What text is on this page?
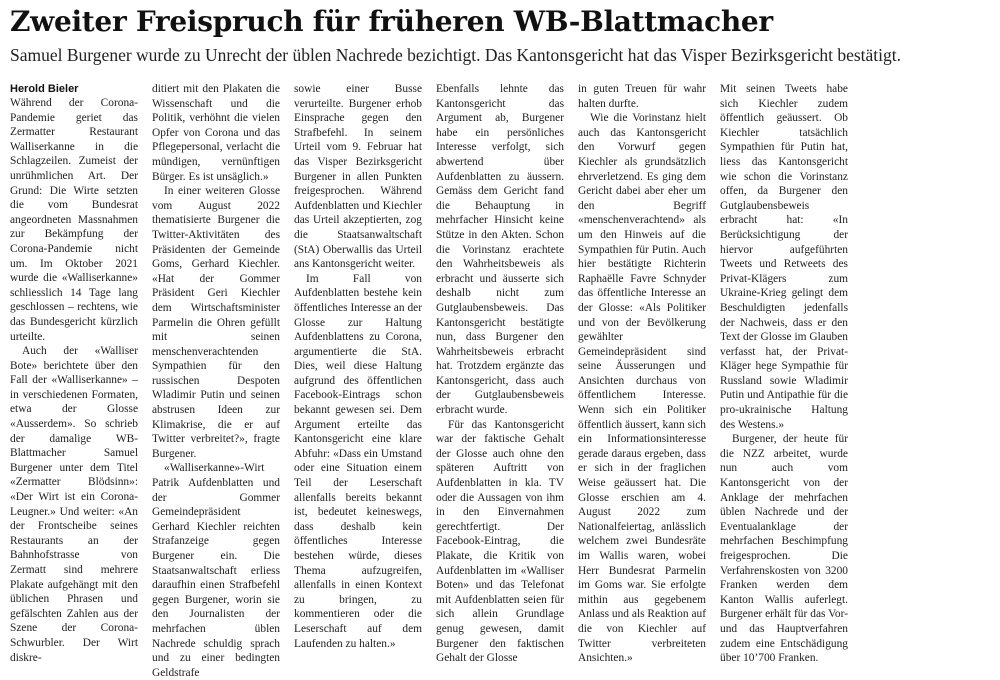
Zweiter Freispruch für früheren WB-Blattmacher

Samuel Burgener wurde zu Unrecht der üblen Nachrede bezichtigt. Das Kantonsgericht hat das Visper Bezirksgericht bestätigt.

Herold Bieler

Während der Corona-Pandemie geriet das Zermatter Restaurant Walliserkanne in die Schlagzeilen. Zumeist der unrühmlichen Art. Der Grund: Die Wirte setzten die vom Bundesrat angeordneten Massnahmen zur Bekämpfung der Corona-Pandemie nicht um. Im Oktober 2021 wurde die «Walliserkanne» schliesslich 14 Tage lang geschlossen – rechtens, wie das Bundesgericht kürzlich urteilte.

Auch der «Walliser Bote» berichtete über den Fall der «Walliserkanne» – in verschiedenen Formaten, etwa der Glosse «Ausserdem». So schrieb der damalige WB-Blattmacher Samuel Burgener unter dem Titel «Zermatter Blödsinn»: «Der Wirt ist ein Corona-Leugner.» Und weiter: «An der Frontscheibe seines Restaurants an der Bahnhofstrasse von Zermatt sind mehrere Plakate aufgehängt mit den üblichen Phrasen und gefälschten Zahlen aus der Szene der Corona-Schwurbler. Der Wirt diskre-

ditiert mit den Plakaten die Wissenschaft und die Politik, verhöhnt die vielen Opfer von Corona und das Pflegepersonal, verlacht die mündigen, vernünftigen Bürger. Es ist unsäglich.»

In einer weiteren Glosse vom August 2022 thematisierte Burgener die Twitter-Aktivitäten des Präsidenten der Gemeinde Goms, Gerhard Kiechler. «Hat der Gommer Präsident Geri Kiechler dem Wirtschaftsminister Parmelin die Ohren gefüllt mit seinen menschenverachtenden Sympathien für den russischen Despoten Wladimir Putin und seinen abstrusen Ideen zur Klimakrise, die er auf Twitter verbreitet?», fragte Burgener.

«Walliserkanne»-Wirt Patrik Aufdenblatten und der Gommer Gemeindepräsident Gerhard Kiechler reichten Strafanzeige gegen Burgener ein. Die Staatsanwaltschaft erliess daraufhin einen Strafbefehl gegen Burgener, worin sie den Journalisten der mehrfachen üblen Nachrede schuldig sprach und zu einer bedingten Geldstrafe

sowie einer Busse verurteilte. Burgener erhob Einsprache gegen den Strafbefehl. In seinem Urteil vom 9. Februar hat das Visper Bezirksgericht Burgener in allen Punkten freigesprochen. Während Aufdenblatten und Kiechler das Urteil akzeptierten, zog die Staatsanwaltschaft (StA) Oberwallis das Urteil ans Kantonsgericht weiter.

Im Fall von Aufdenblatten bestehe kein öffentliches Interesse an der Glosse zur Haltung Aufdenblattens zu Corona, argumentierte die StA. Dies, weil diese Haltung aufgrund des öffentlichen Facebook-Eintrags schon bekannt gewesen sei. Dem Argument erteilte das Kantonsgericht eine klare Abfuhr: «Dass ein Umstand oder eine Situation einem Teil der Leserschaft allenfalls bereits bekannt ist, bedeutet keineswegs, dass deshalb kein öffentliches Interesse bestehen würde, dieses Thema aufzugreifen, allenfalls in einen Kontext zu bringen, zu kommentieren oder die Leserschaft auf dem Laufenden zu halten.»

Ebenfalls lehnte das Kantonsgericht das Argument ab, Burgener habe ein persönliches Interesse verfolgt, sich abwertend über Aufdenblatten zu äussern. Gemäss dem Gericht fand die Behauptung in mehrfacher Hinsicht keine Stütze in den Akten. Schon die Vorinstanz erachtete den Wahrheitsbeweis als erbracht und äusserte sich deshalb nicht zum Gutglaubensbeweis. Das Kantonsgericht bestätigte nun, dass Burgener den Wahrheitsbeweis erbracht hat. Trotzdem ergänzte das Kantonsgericht, dass auch der Gutglaubensbeweis erbracht wurde.

Für das Kantonsgericht war der faktische Gehalt der Glosse auch ohne den späteren Auftritt von Aufdenblatten in kla. TV oder die Aussagen von ihm in den Einvernahmen gerechtfertigt. Der Facebook-Eintrag, die Plakate, die Kritik von Aufdenblatten im «Walliser Boten» und das Telefonat mit Aufdenblatten seien für sich allein Grundlage genug gewesen, damit Burgener den faktischen Gehalt der Glosse

in guten Treuen für wahr halten durfte.

Wie die Vorinstanz hielt auch das Kantonsgericht den Vorwurf gegen Kiechler als grundsätzlich ehrverletzend. Es ging dem Gericht dabei aber eher um den Begriff «menschenverachtend» als um den Hinweis auf die Sympathien für Putin. Auch hier bestätigte Richterin Raphaëlle Favre Schnyder das öffentliche Interesse an der Glosse: «Als Politiker und von der Bevölkerung gewählter Gemeindepräsident sind seine Äusserungen und Ansichten durchaus von öffentlichem Interesse. Wenn sich ein Politiker öffentlich äussert, kann sich ein Informationsinteresse gerade daraus ergeben, dass er sich in der fraglichen Weise geäussert hat. Die Glosse erschien am 4. August 2022 zum Nationalfeiertag, anlässlich welchem zwei Bundesräte im Wallis waren, wobei Herr Bundesrat Parmelin im Goms war. Sie erfolgte mithin aus gegebenem Anlass und als Reaktion auf die von Kiechler auf Twitter verbreiteten Ansichten.»

Mit seinen Tweets habe sich Kiechler zudem öffentlich geäussert. Ob Kiechler tatsächlich Sympathien für Putin hat, liess das Kantonsgericht wie schon die Vorinstanz offen, da Burgener den Gutglaubensbeweis erbracht hat: «In Berücksichtigung der hiervor aufgeführten Tweets und Retweets des Privat-Klägers zum Ukraine-Krieg gelingt dem Beschuldigten jedenfalls der Nachweis, dass er den Text der Glosse im Glauben verfasst hat, der Privat-Kläger hege Sympathie für Russland sowie Wladimir Putin und Antipathie für die pro-ukrainische Haltung des Westens.»

Burgener, der heute für die NZZ arbeitet, wurde nun auch vom Kantonsgericht von der Anklage der mehrfachen üblen Nachrede und der Eventualanklage der mehrfachen Beschimpfung freigesprochen. Die Verfahrenskosten von 3200 Franken werden dem Kanton Wallis auferlegt. Burgener erhält für das Vor- und das Hauptverfahren zudem eine Entschädigung über 10’700 Franken.
